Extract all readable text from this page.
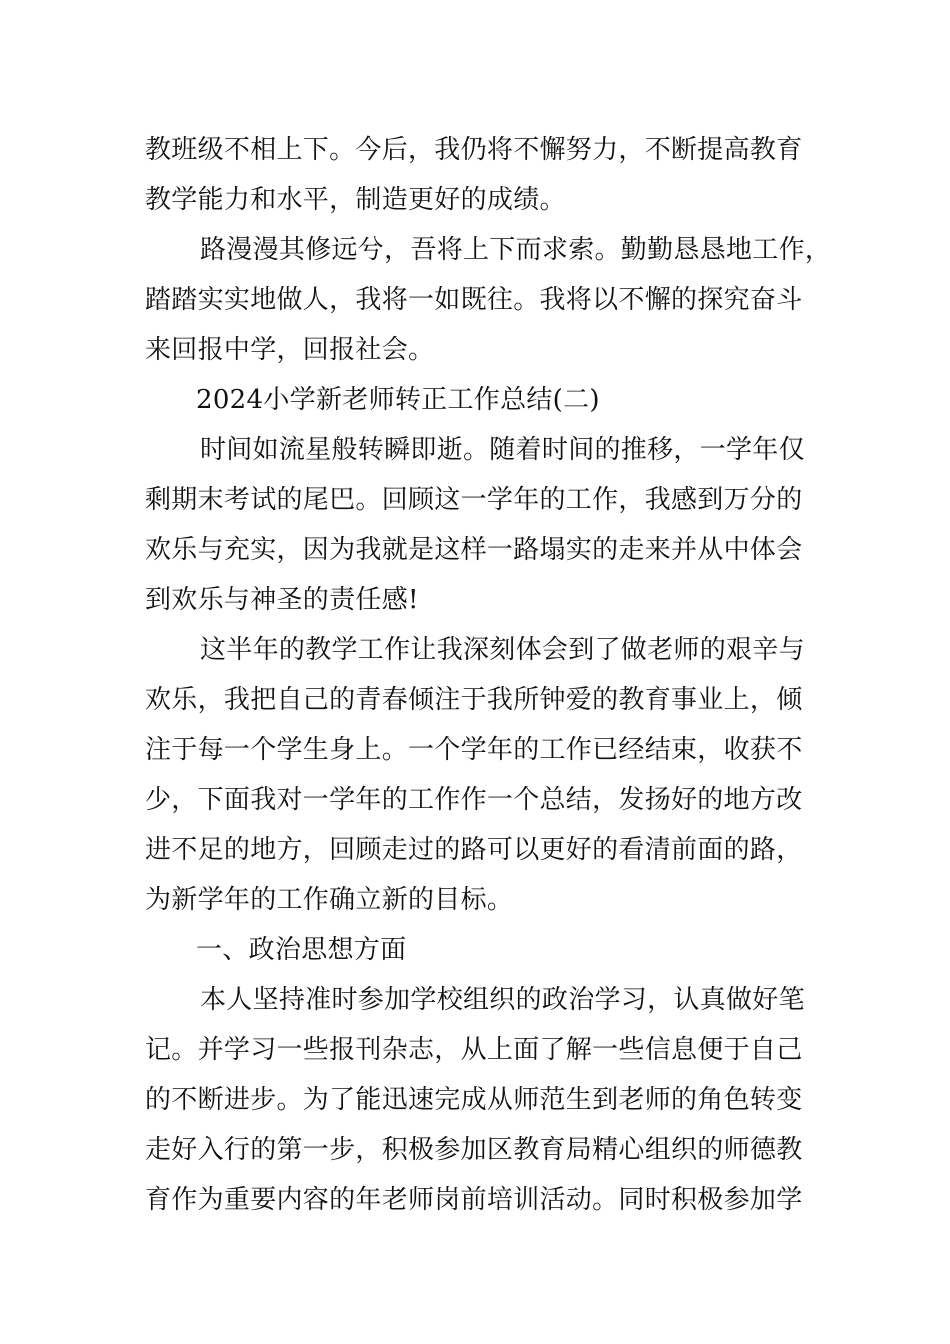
教班级不相上下。今后，我仍将不懈努力，不断提高教育
教学能力和水平，制造更好的成绩。
路漫漫其修远兮，吾将上下而求索。勤勤恳恳地工作，
踏踏实实地做人，我将一如既往。我将以不懈的探究奋斗
来回报中学，回报社会。
2024小学新老师转正工作总结(二)
时间如流星般转瞬即逝。随着时间的推移，一学年仅
剩期末考试的尾巴。回顾这一学年的工作，我感到万分的
欢乐与充实，因为我就是这样一路塌实的走来并从中体会
到欢乐与神圣的责任感!
这半年的教学工作让我深刻体会到了做老师的艰辛与
欢乐，我把自己的青春倾注于我所钟爱的教育事业上，倾
注于每一个学生身上。一个学年的工作已经结束，收获不
少，下面我对一学年的工作作一个总结，发扬好的地方改
进不足的地方，回顾走过的路可以更好的看清前面的路，
为新学年的工作确立新的目标。
一、政治思想方面
本人坚持准时参加学校组织的政治学习，认真做好笔
记。并学习一些报刊杂志，从上面了解一些信息便于自己
的不断进步。为了能迅速完成从师范生到老师的角色转变
走好入行的第一步，积极参加区教育局精心组织的师德教
育作为重要内容的年老师岗前培训活动。同时积极参加学
